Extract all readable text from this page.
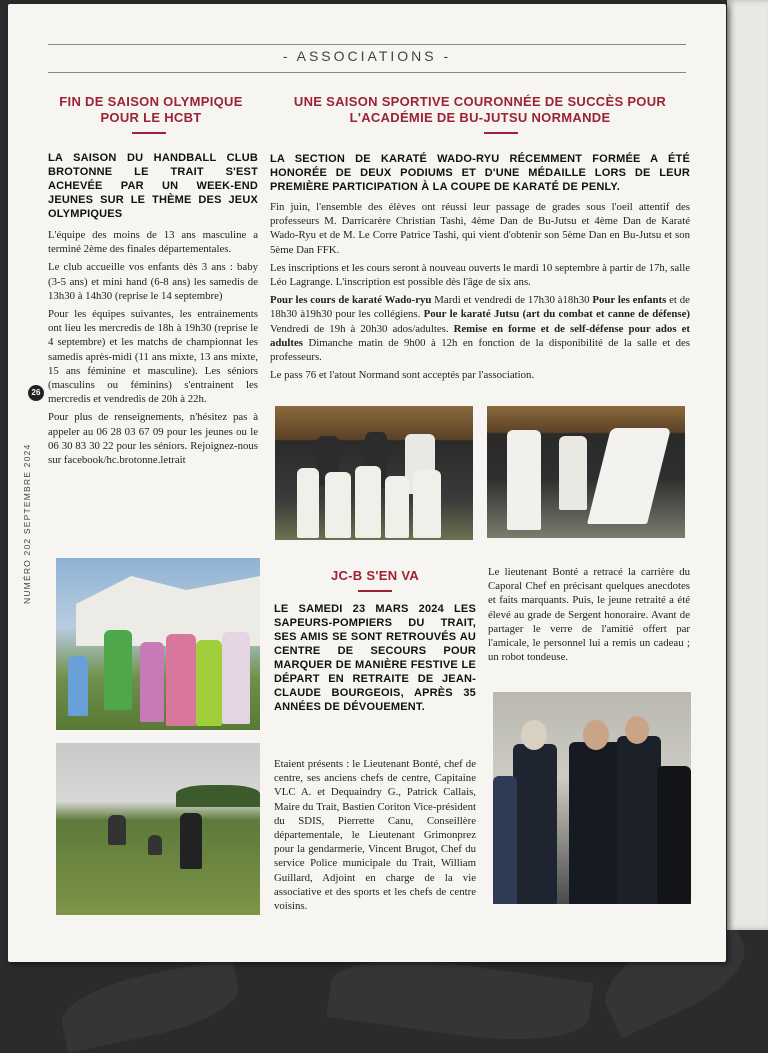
- ASSOCIATIONS -
26
NUMÉRO 202 SEPTEMBRE 2024
FIN DE SAISON OLYMPIQUE
POUR LE HCBT
LA SAISON DU HANDBALL CLUB BROTONNE LE TRAIT S'EST ACHEVÉE PAR UN WEEK-END JEUNES SUR LE THÈME DES JEUX OLYMPIQUES

L'équipe des moins de 13 ans masculine a terminé 2ème des finales départementales.

Le club accueille vos enfants dès 3 ans : baby (3-5 ans) et mini hand (6-8 ans) les samedis de 13h30 à 14h30 (reprise le 14 septembre)

Pour les équipes suivantes, les entrainements ont lieu les mercredis de 18h à 19h30 (reprise le 4 septembre) et les matchs de championnat les samedis après-midi (11 ans mixte, 13 ans mixte, 15 ans féminine et masculine). Les séniors (masculins ou féminins) s'entrainent les mercredis et vendredis de 20h à 22h.

Pour plus de renseignements, n'hésitez pas à appeler au 06 28 03 67 09 pour les jeunes ou le 06 30 83 30 22 pour les séniors. Rejoignez-nous sur facebook/hc.brotonne.letrait

UNE SAISON SPORTIVE COURONNÉE DE SUCCÈS POUR
L'ACADÉMIE DE BU-JUTSU NORMANDE
LA SECTION DE KARATÉ WADO-RYU RÉCEMMENT FORMÉE A ÉTÉ HONORÉE DE DEUX PODIUMS ET D'UNE MÉDAILLE LORS DE LEUR PREMIÈRE PARTICIPATION À LA COUPE DE KARATÉ DE PENLY.

Fin juin, l'ensemble des élèves ont réussi leur passage de grades sous l'oeil attentif des professeurs M. Darricarère Christian Tashi, 4ème Dan de Bu-Jutsu et 4ème Dan de Karaté Wado-Ryu et de M. Le Corre Patrice Tashi, qui vient d'obtenir son 5ème Dan en Bu-Jutsu et son 5ème Dan FFK.

Les inscriptions et les cours seront à nouveau ouverts le mardi 10 septembre à partir de 17h, salle Léo Lagrange. L'inscription est possible dès l'âge de six ans.

Pour les cours de karaté Wado-ryu Mardi et vendredi de 17h30 à18h30 Pour les enfants et de 18h30 à19h30 pour les collégiens. Pour le karaté Jutsu (art du combat et canne de défense) Vendredi de 19h à 20h30 ados/adultes. Remise en forme et de self-défense pour ados et adultes Dimanche matin de 9h00 à 12h en fonction de la disponibilité de la salle et des professeurs.

Le pass 76 et l'atout Normand sont acceptés par l'association.

JC-B S'EN VA
LE SAMEDI 23 MARS 2024 LES SAPEURS-POMPIERS DU TRAIT, SES AMIS SE SONT RETROUVÉS AU CENTRE DE SECOURS POUR MARQUER DE MANIÈRE FESTIVE LE DÉPART EN RETRAITE DE JEAN-CLAUDE BOURGEOIS, APRÈS 35 ANNÉES DE DÉVOUEMENT.
Etaient présents : le Lieutenant Bonté, chef de centre, ses anciens chefs de centre, Capitaine VLC A. et Dequaindry G., Patrick Callais, Maire du Trait, Bastien Coriton Vice-président du SDIS, Pierrette Canu, Conseillère départementale, le Lieutenant Grimonprez pour la gendarmerie, Vincent Brugot, Chef du service Police municipale du Trait, William Guillard, Adjoint en charge de la vie associative et des sports et les chefs de centre voisins.
Le lieutenant Bonté a retracé la carrière du Caporal Chef en précisant quelques anecdotes et faits marquants. Puis, le jeune retraité a été élevé au grade de Sergent honoraire. Avant de partager le verre de l'amitié offert par l'amicale, le personnel lui a remis un cadeau ; un robot tondeuse.
